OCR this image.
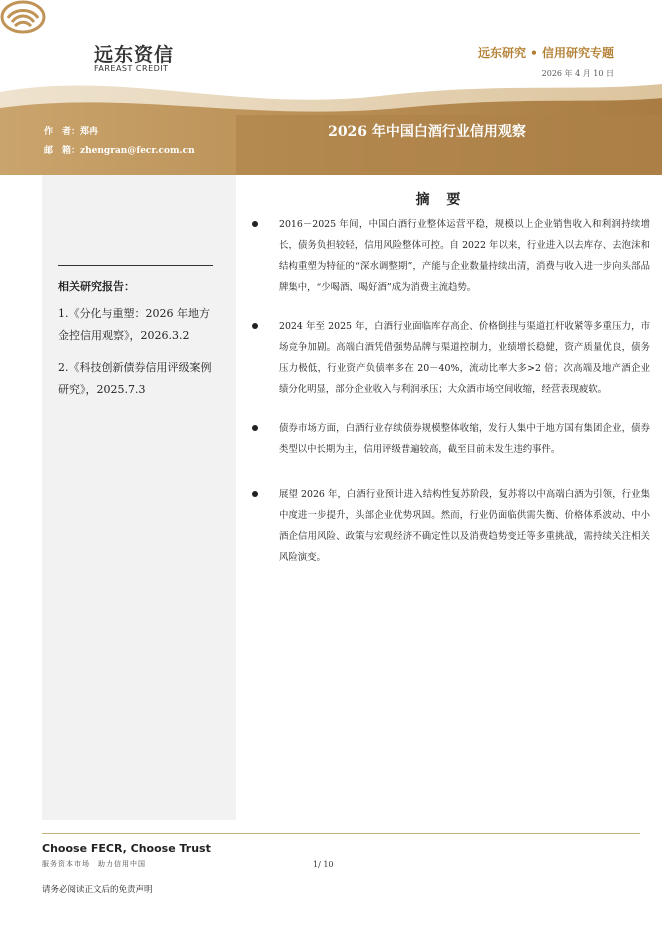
远东资信
FAREAST CREDIT
远东研究 • 信用研究专题
2026 年 4 月 10 日
作　者：郑冉
邮　箱：zhengran@fecr.com.cn
2026 年中国白酒行业信用观察
相关研究报告：
1.《分化与重塑：2026 年地方金控信用观察》，2026.3.2
2.《科技创新债券信用评级案例研究》，2025.7.3
摘 要
2016－2025 年间，中国白酒行业整体运营平稳，规模以上企业销售收入和利润持续增长，债务负担较轻，信用风险整体可控。自 2022 年以来，行业进入以去库存、去泡沫和结构重塑为特征的“深水调整期”，产能与企业数量持续出清，消费与收入进一步向头部品牌集中，“少喝酒、喝好酒”成为消费主流趋势。
2024 年至 2025 年，白酒行业面临库存高企、价格倒挂与渠道扛杆收紧等多重压力，市场竞争加剧。高端白酒凭借强势品牌与渠道控制力，业绩增长稳健，资产质量优良，债务压力极低，行业资产负债率多在 20－40%，流动比率大多>2 倍；次高端及地产酒企业绩分化明显，部分企业收入与利润承压；大众酒市场空间收缩，经营表现疲软。
债券市场方面，白酒行业存续债券规模整体收缩，发行人集中于地方国有集团企业，债券类型以中长期为主，信用评级普遍较高，截至目前未发生违约事件。
展望 2026 年，白酒行业预计进入结构性复苏阶段，复苏将以中高端白酒为引领，行业集中度进一步提升，头部企业优势巩固。然而，行业仍面临供需失衡、价格体系波动、中小酒企信用风险、政策与宏观经济不确定性以及消费趋势变迁等多重挑战，需持续关注相关风险演变。
Choose FECR, Choose Trust
服务资本市场　助力信用中国	1/ 10
请务必阅读正文后的免责声明
